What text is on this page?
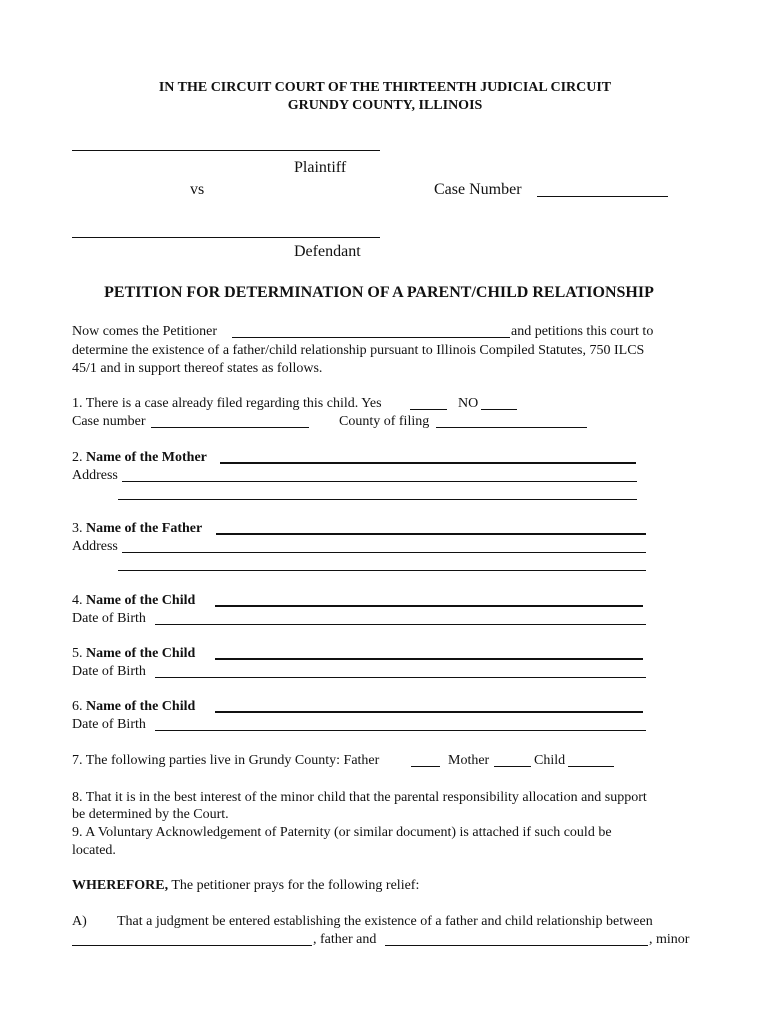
IN THE CIRCUIT COURT OF THE THIRTEENTH JUDICIAL CIRCUIT
GRUNDY COUNTY, ILLINOIS
Plaintiff
vs	Case Number
Defendant
PETITION FOR DETERMINATION OF A PARENT/CHILD RELATIONSHIP
Now comes the Petitioner	and petitions this court to
determine the existence of a father/child relationship pursuant to Illinois Compiled Statutes, 750 ILCS
45/1 and in support thereof states as follows.
1. There is a case already filed regarding this child. Yes	NO
Case number	County of filing
2. Name of the Mother
Address
3. Name of the Father
Address
4. Name of the Child
Date of Birth
5. Name of the Child
Date of Birth
6. Name of the Child
Date of Birth
7. The following parties live in Grundy County: Father	Mother	Child
8. That it is in the best interest of the minor child that the parental responsibility allocation and support
be determined by the Court.
9. A Voluntary Acknowledgement of Paternity (or similar document) is attached if such could be
located.
WHEREFORE, The petitioner prays for the following relief:
A) That a judgment be entered establishing the existence of a father and child relationship between
, father and	, minor
